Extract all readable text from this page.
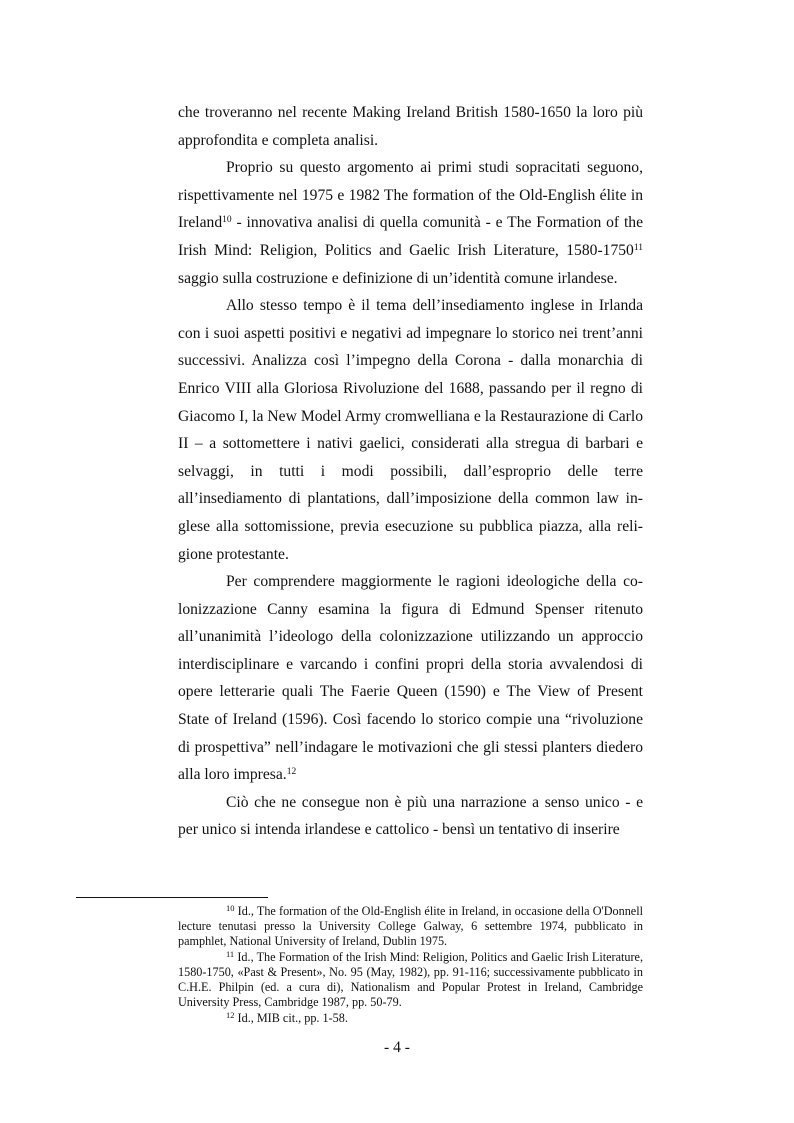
che troveranno nel recente Making Ireland British 1580-1650 la loro più approfondita e completa analisi.

Proprio su questo argomento ai primi studi sopracitati seguono, rispettivamente nel 1975 e 1982 The formation of the Old-English élite in Ireland$^{10}$ - innovativa analisi di quella comunità - e The Formation of the Irish Mind: Religion, Politics and Gaelic Irish Literature, 1580-1750$^{11}$ saggio sulla costruzione e definizione di un’identità comune irlandese.

Allo stesso tempo è il tema dell’insediamento inglese in Irlanda con i suoi aspetti positivi e negativi ad impegnare lo storico nei trent’anni successivi. Analizza così l’impegno della Corona - dalla monarchia di Enrico VIII alla Gloriosa Rivoluzione del 1688, passando per il regno di Giacomo I, la New Model Army cromwelliana e la Restaurazione di Carlo II – a sottomettere i nativi gaelici, considerati alla stregua di barbari e selvaggi, in tutti i modi possibili, dall’esproprio delle terre all’insediamento di plantations, dall’imposizione della common law inglese alla sottomissione, previa esecuzione su pubblica piazza, alla religione protestante.

Per comprendere maggiormente le ragioni ideologiche della colonizzazione Canny esamina la figura di Edmund Spenser ritenuto all’unanimità l’ideologo della colonizzazione utilizzando un approccio interdisciplinare e varcando i confini propri della storia avvalendosi di opere letterarie quali The Faerie Queen (1590) e The View of Present State of Ireland (1596). Così facendo lo storico compie una “rivoluzione di prospettiva” nell’indagare le motivazioni che gli stessi planters diedero alla loro impresa.$^{12}$

Ciò che ne consegue non è più una narrazione a senso unico - e per unico si intenda irlandese e cattolico - bensì un tentativo di inserire

$^{10}$ Id., The formation of the Old-English élite in Ireland, in occasione della O'Donnell lecture tenutasi presso la University College Galway, 6 settembre 1974, pubblicato in pamphlet, National University of Ireland, Dublin 1975.

$^{11}$ Id., The Formation of the Irish Mind: Religion, Politics and Gaelic Irish Literature, 1580-1750, «Past & Present», No. 95 (May, 1982), pp. 91-116; successivamente pubblicato in C.H.E. Philpin (ed. a cura di), Nationalism and Popular Protest in Ireland, Cambridge University Press, Cambridge 1987, pp. 50-79.

$^{12}$ Id., MIB cit., pp. 1-58.

- 4 -
